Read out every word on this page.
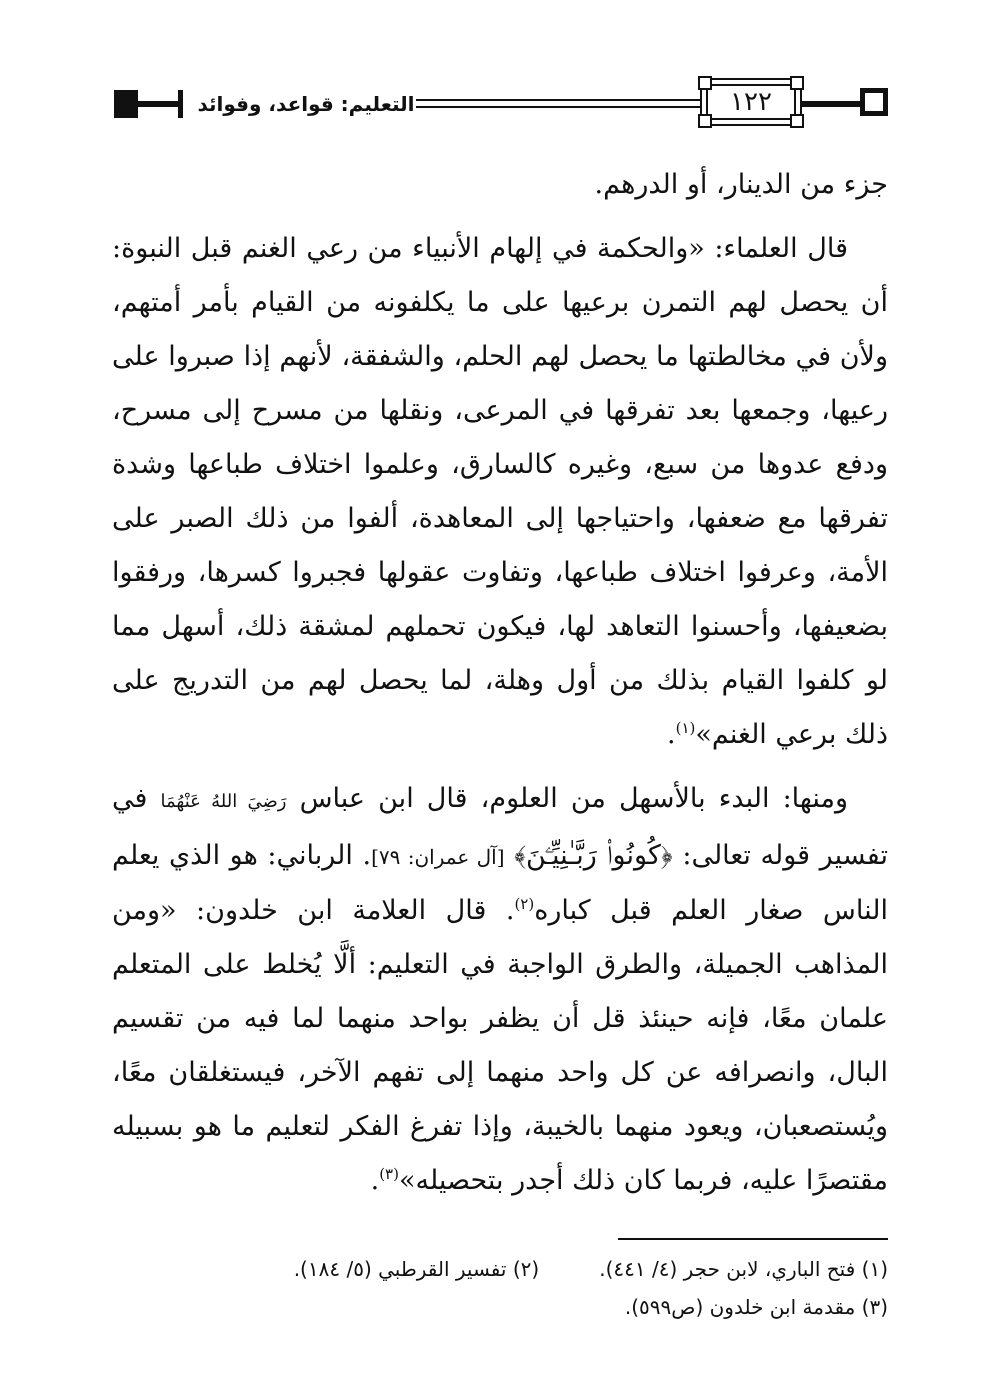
١٢٢
التعليم: قواعد، وفوائد

جزء من الدينار، أو الدرهم.

قال العلماء: «والحكمة في إلهام الأنبياء من رعي الغنم قبل النبوة: أن يحصل لهم التمرن برعيها على ما يكلفونه من القيام بأمر أمتهم، ولأن في مخالطتها ما يحصل لهم الحلم، والشفقة، لأنهم إذا صبروا على رعيها، وجمعها بعد تفرقها في المرعى، ونقلها من مسرح إلى مسرح، ودفع عدوها من سبع، وغيره كالسارق، وعلموا اختلاف طباعها وشدة تفرقها مع ضعفها، واحتياجها إلى المعاهدة، ألفوا من ذلك الصبر على الأمة، وعرفوا اختلاف طباعها، وتفاوت عقولها فجبروا كسرها، ورفقوا بضعيفها، وأحسنوا التعاهد لها، فيكون تحملهم لمشقة ذلك، أسهل مما لو كلفوا القيام بذلك من أول وهلة، لما يحصل لهم من التدريج على ذلك برعي الغنم»$^{(١)}$.

ومنها: البدء بالأسهل من العلوم، قال ابن عباس رَضِيَ اللهُ عَنْهُمَا في تفسير قوله تعالى: ﴿كُونُوا۟ رَبَّـٰنِيِّـۧنَ﴾ [آل عمران: ٧٩]. الرباني: هو الذي يعلم الناس صغار العلم قبل كباره$^{(٢)}$. قال العلامة ابن خلدون: «ومن المذاهب الجميلة، والطرق الواجبة في التعليم: ألَّا يُخلط على المتعلم علمان معًا، فإنه حينئذ قل أن يظفر بواحد منهما لما فيه من تقسيم البال، وانصرافه عن كل واحد منهما إلى تفهم الآخر، فيستغلقان معًا، ويُستصعبان، ويعود منهما بالخيبة، وإذا تفرغ الفكر لتعليم ما هو بسبيله مقتصرًا عليه، فربما كان ذلك أجدر بتحصيله»$^{(٣)}$.

(١) فتح الباري، لابن حجر (٤/ ٤٤١).
(٢) تفسير القرطبي (٥/ ١٨٤).
(٣) مقدمة ابن خلدون (ص٥٩٩).
